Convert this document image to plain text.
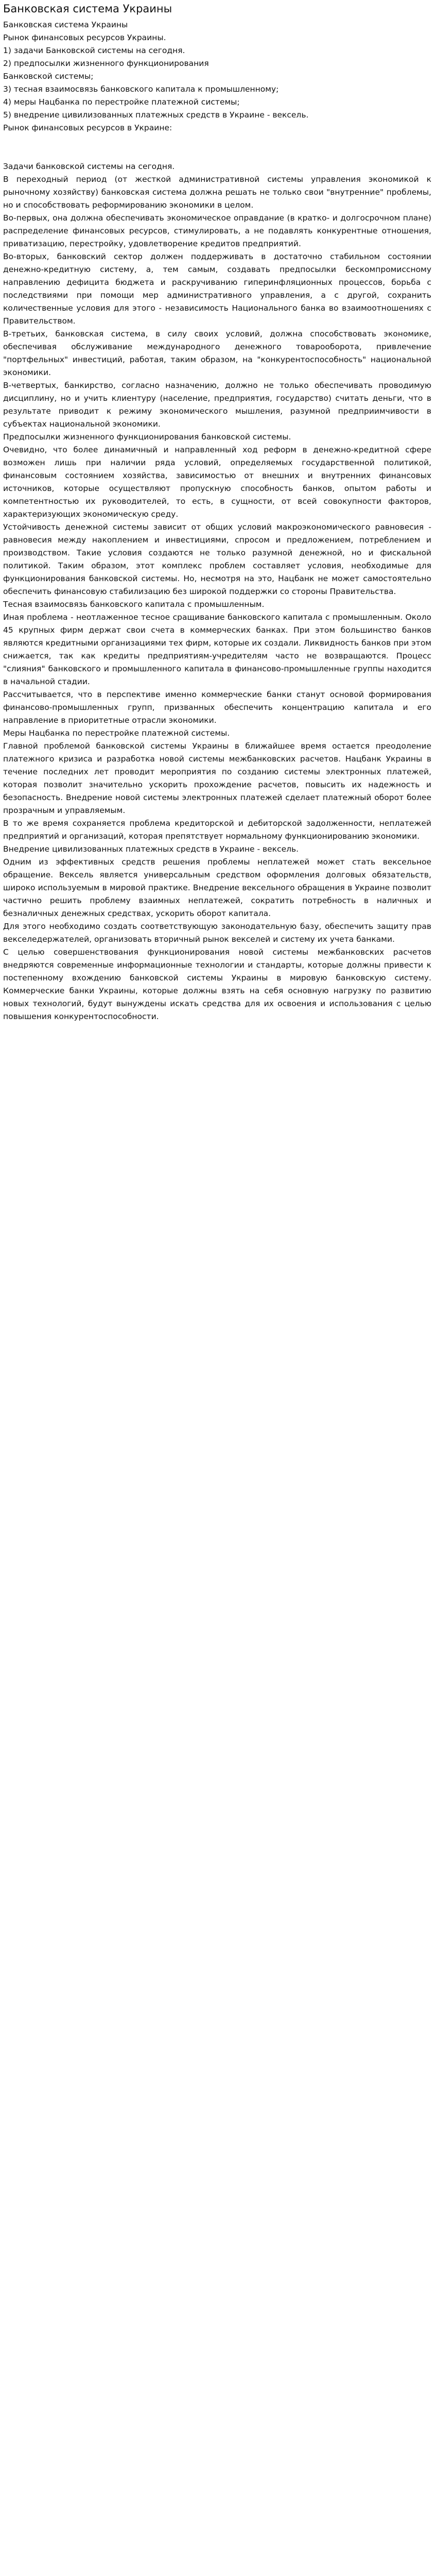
Банковская система Украины

Банковская система Украины

Рынок финансовых ресурсов Украины.

1) задачи Банковской системы на сегодня.

2) предпосылки жизненного функционирования

Банковской системы;

3) тесная взаимосвязь банковского капитала к промышленному;

4) меры Нацбанка по перестройке платежной системы;

5) внедрение цивилизованных платежных средств в Украине - вексель.

Рынок финансовых ресурсов в Украине:

Задачи банковской системы на сегодня.

В переходный период (от жесткой административной системы управления экономикой к рыночному хозяйству) банковская система должна решать не только свои "внутренние" проблемы, но и способствовать реформированию экономики в целом.

Во-первых, она должна обеспечивать экономическое оправдание (в кратко- и долгосрочном плане) распределение финансовых ресурсов, стимулировать, а не подавлять конкурентные отношения, приватизацию, перестройку, удовлетворение кредитов предприятий.

Во-вторых, банковский сектор должен поддерживать в достаточно стабильном состоянии денежно-кредитную систему, а, тем самым, создавать предпосылки бескомпромиссному направлению дефицита бюджета и раскручиванию гиперинфляционных процессов, борьба с последствиями при помощи мер административного управления, а с другой, сохранить количественные условия для этого - независимость Национального банка во взаимоотношениях с Правительством.

В-третьих, банковская система, в силу своих условий, должна способствовать экономике, обеспечивая обслуживание международного денежного товарооборота, привлечение "портфельных" инвестиций, работая, таким образом, на "конкурентоспособность" национальной экономики.

В-четвертых, банкирство, согласно назначению, должно не только обеспечивать проводимую дисциплину, но и учить клиентуру (население, предприятия, государство) считать деньги, что в результате приводит к режиму экономического мышления, разумной предприимчивости в субъектах национальной экономики.

Предпосылки жизненного функционирования банковской системы.

Очевидно, что более динамичный и направленный ход реформ в денежно-кредитной сфере возможен лишь при наличии ряда условий, определяемых государственной политикой, финансовым состоянием хозяйства, зависимостью от внешних и внутренних финансовых источников, которые осуществляют пропускную способность банков, опытом работы и компетентностью их руководителей, то есть, в сущности, от всей совокупности факторов, характеризующих экономическую среду.

Устойчивость денежной системы зависит от общих условий макроэкономического равновесия - равновесия между накоплением и инвестициями, спросом и предложением, потреблением и производством. Такие условия создаются не только разумной денежной, но и фискальной политикой. Таким образом, этот комплекс проблем составляет условия, необходимые для функционирования банковской системы. Но, несмотря на это, Нацбанк не может самостоятельно обеспечить финансовую стабилизацию без широкой поддержки со стороны Правительства.

Тесная взаимосвязь банковского капитала с промышленным.

Иная проблема - неотлаженное тесное сращивание банковского капитала с промышленным. Около 45 крупных фирм держат свои счета в коммерческих банках. При этом большинство банков являются кредитными организациями тех фирм, которые их создали. Ликвидность банков при этом снижается, так как кредиты предприятиям-учредителям часто не возвращаются. Процесс "слияния" банковского и промышленного капитала в финансово-промышленные группы находится в начальной стадии.

Рассчитывается, что в перспективе именно коммерческие банки станут основой формирования финансово-промышленных групп, призванных обеспечить концентрацию капитала и его направление в приоритетные отрасли экономики.

Меры Нацбанка по перестройке платежной системы.

Главной проблемой банковской системы Украины в ближайшее время остается преодоление платежного кризиса и разработка новой системы межбанковских расчетов. Нацбанк Украины в течение последних лет проводит мероприятия по созданию системы электронных платежей, которая позволит значительно ускорить прохождение расчетов, повысить их надежность и безопасность. Внедрение новой системы электронных платежей сделает платежный оборот более прозрачным и управляемым.

В то же время сохраняется проблема кредиторской и дебиторской задолженности, неплатежей предприятий и организаций, которая препятствует нормальному функционированию экономики.

Внедрение цивилизованных платежных средств в Украине - вексель.

Одним из эффективных средств решения проблемы неплатежей может стать вексельное обращение. Вексель является универсальным средством оформления долговых обязательств, широко используемым в мировой практике. Внедрение вексельного обращения в Украине позволит частично решить проблему взаимных неплатежей, сократить потребность в наличных и безналичных денежных средствах, ускорить оборот капитала.

Для этого необходимо создать соответствующую законодательную базу, обеспечить защиту прав векселедержателей, организовать вторичный рынок векселей и систему их учета банками.

С целью совершенствования функционирования новой системы межбанковских расчетов внедряются современные информационные технологии и стандарты, которые должны привести к постепенному вхождению банковской системы Украины в мировую банковскую систему. Коммерческие банки Украины, которые должны взять на себя основную нагрузку по развитию новых технологий, будут вынуждены искать средства для их освоения и использования с целью повышения конкурентоспособности.
